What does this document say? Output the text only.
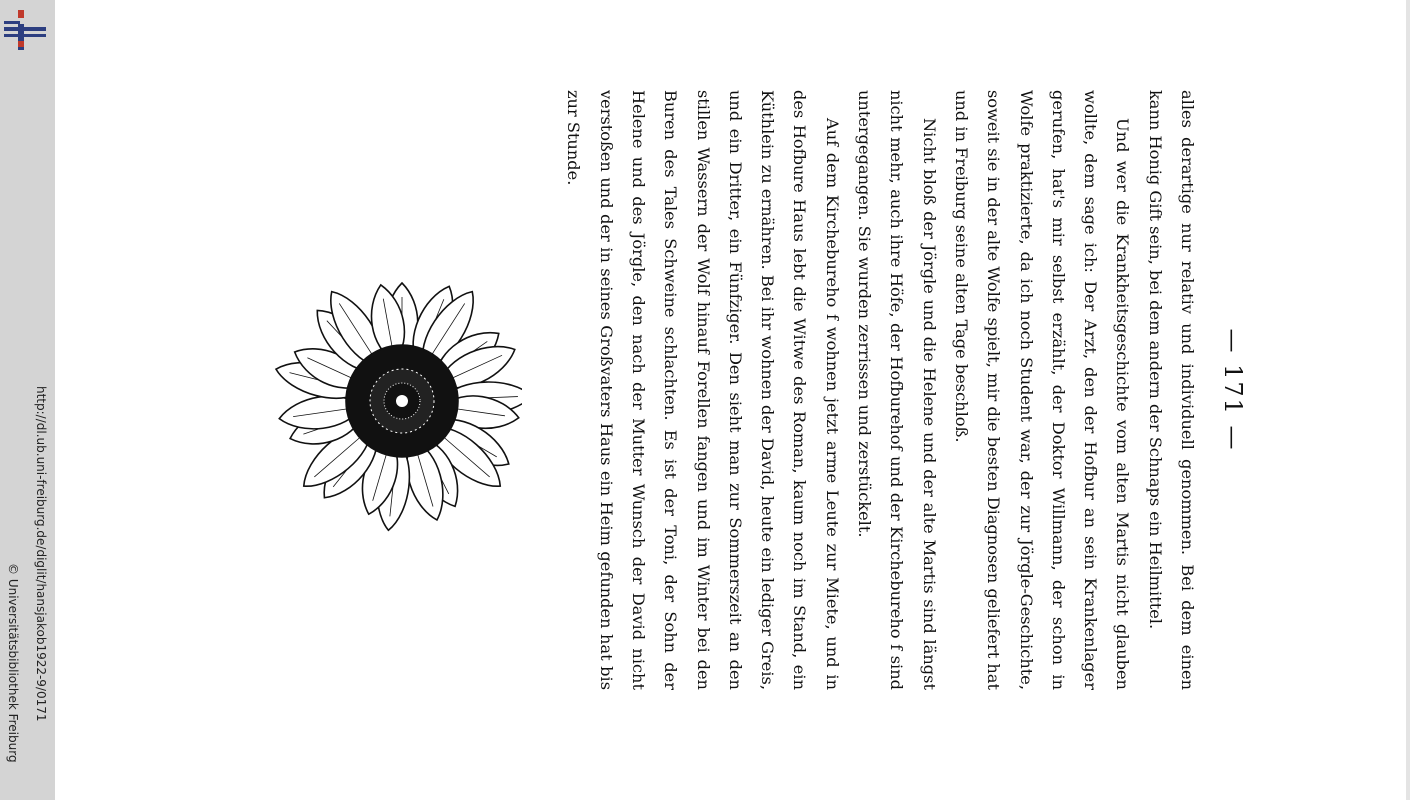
http://dl.ub.uni-freiburg.de/diglit/hansjakob1922-9/0171
© Universitätsbibliothek Freiburg
— 171 —

alles derartige nur relativ und individuell genommen. Bei dem einen kann Honig Gift sein, bei dem andern der Schnaps ein Heilmittel.

Und wer die Krankheitsgeschichte vom alten Martis nicht glauben wollte, dem sage ich: Der Arzt, den der Hofbur an sein Krankenlager gerufen, hat's mir selbst erzählt, der Doktor Willmann, der schon in Wolfe praktizierte, da ich noch Student war, der zur Jörgle-Geschichte, soweit sie in der alte Wolfe spielt, mir die besten Diagnosen geliefert hat und in Freiburg seine alten Tage beschloß.

Nicht bloß der Jörgle und die Helene und der alte Martis sind längst nicht mehr, auch ihre Höfe, der Hofburehof und der Kirchebureho f sind untergegangen. Sie wurden zerrissen und zerstückelt.

Auf dem Kirchebureho f wohnen jetzt arme Leute zur Miete, und in des Hofbure Haus lebt die Witwe des Roman, kaum noch im Stand, ein Küthlein zu ernähren. Bei ihr wohnen der David, heute ein lediger Greis, und ein Dritter, ein Fünfziger. Den sieht man zur Sommerszeit an den stillen Wassern der Wolf hinauf Forellen fangen und im Winter bei den Buren des Tales Schweine schlachten. Es ist der Toni, der Sohn der Helene und des Jörgle, den nach der Mutter Wunsch der David nicht verstoßen und der in seines Großvaters Haus ein Heim gefunden hat bis zur Stunde.
